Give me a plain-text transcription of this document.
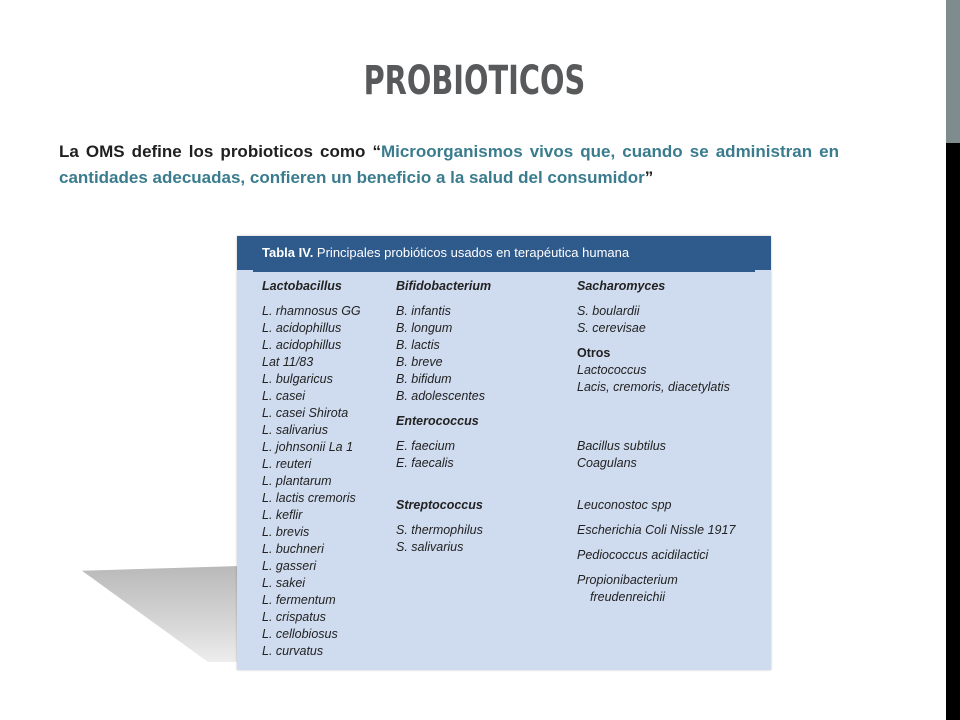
PROBIOTICOS
La OMS define los probioticos como “Microorganismos vivos que, cuando se administran en cantidades adecuadas, confieren un beneficio a la salud del consumidor”
Tabla IV. Principales probióticos usados en terapéutica humana
Lactobacillus
L. rhamnosus GG
L. acidophillus
L. acidophillus
Lat 11/83
L. bulgaricus
L. casei
L. casei Shirota
L. salivarius
L. johnsonii La 1
L. reuteri
L. plantarum
L. lactis cremoris
L. keflir
L. brevis
L. buchneri
L. gasseri
L. sakei
L. fermentum
L. crispatus
L. cellobiosus
L. curvatus
Bifidobacterium
B. infantis
B. longum
B. lactis
B. breve
B. bifidum
B. adolescentes
Enterococcus
E. faecium
E. faecalis
Streptococcus
S. thermophilus
S. salivarius
Sacharomyces
S. boulardii
S. cerevisae
Otros
Lactococcus
Lacis, cremoris, diacetylatis
Bacillus subtilus
Coagulans
Leuconostoc spp
Escherichia Coli Nissle 1917
Pediococcus acidilactici
Propionibacterium
freudenreichii
